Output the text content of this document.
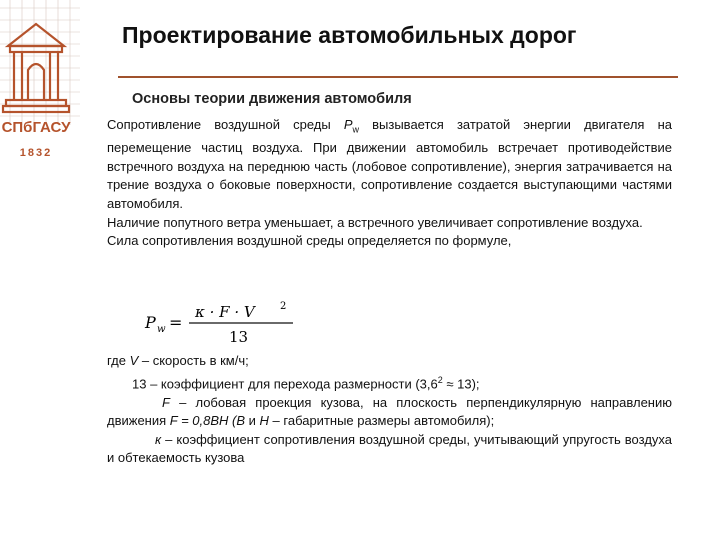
СПбГАСУ
1832
Проектирование автомобильных дорог
Основы теории движения автомобиля

Сопротивление воздушной среды $P_w$ вызывается затратой энергии двигателя на перемещение частиц воздуха. При движении автомобиль встречает противодействие встречного воздуха на переднюю часть (лобовое сопротивление), энергия затрачивается на трение воздуха о боковые поверхности, сопротивление создается выступающими частями автомобиля.

Наличие попутного ветра уменьшает, а встречного увеличивает сопротивление воздуха.

Сила сопротивления воздушной среды определяется по формуле,

P w =
κ · F · V	2
13

где V – скорость в км/ч;

13 – коэффициент для перехода размерности $(3,6^2 \approx 13)$;

F – лобовая проекция кузова, на плоскость перпендикулярную направлению движения F = 0,8BH (B и H – габаритные размеры автомобиля);

к – коэффициент сопротивления воздушной среды, учитывающий упругость воздуха и обтекаемость кузова
